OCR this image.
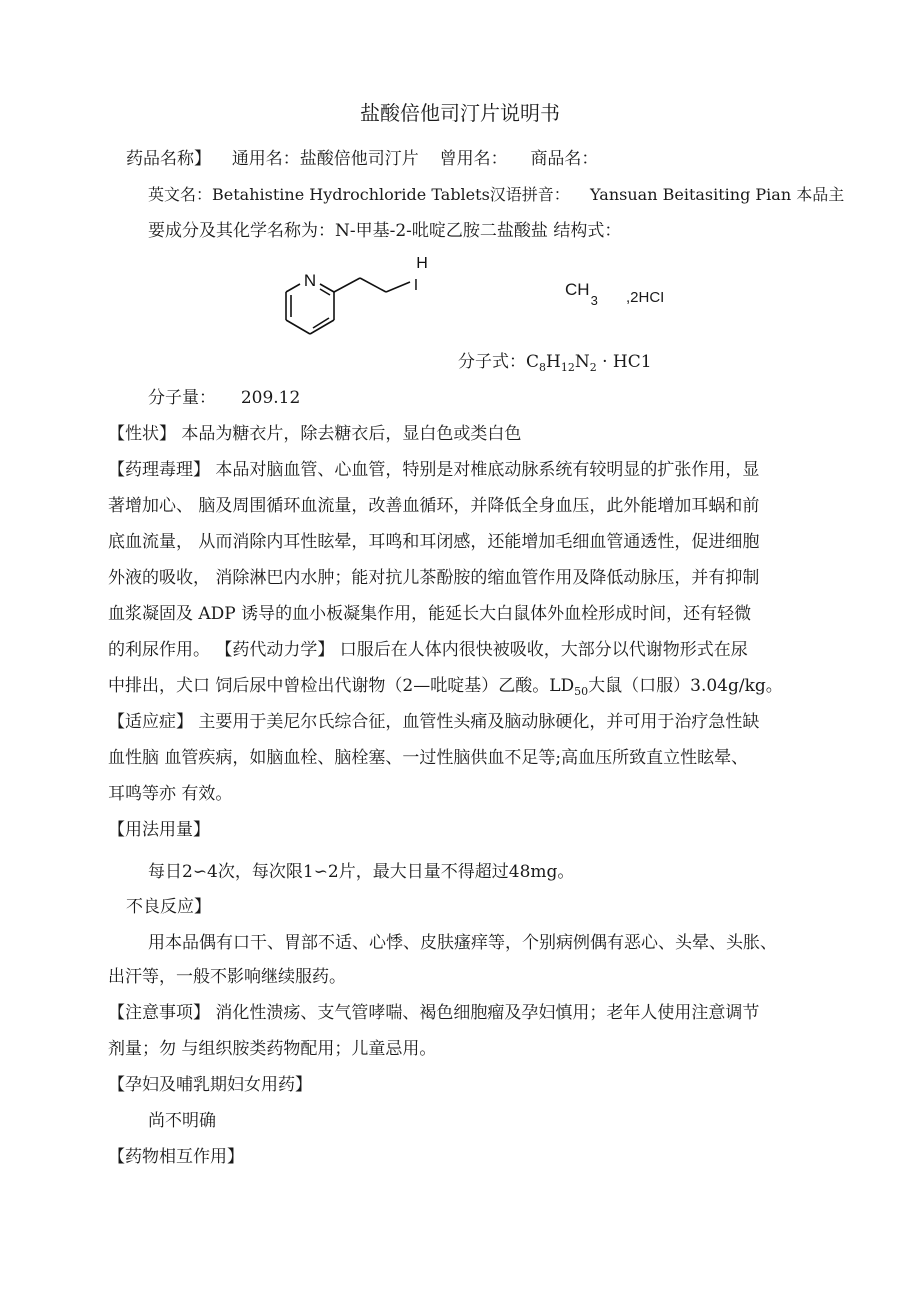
盐酸倍他司汀片说明书
药品名称】 通用名：盐酸倍他司汀片 曾用名： 商品名：
英文名：Betahistine Hydrochloride Tablets汉语拼音： Yansuan Beitasiting Pian 本品主
要成分及其化学名称为：N-甲基-2-吡啶乙胺二盐酸盐 结构式：
N
H
I	$CH_3$ ,2HCI
分子式：$C_8H_{12}N_2 \cdot HC1$
分子量： 209.12
【性状】 本品为糖衣片，除去糖衣后，显白色或类白色
【药理毒理】 本品对脑血管、心血管，特别是对椎底动脉系统有较明显的扩张作用，显
著增加心、 脑及周围循环血流量，改善血循环，并降低全身血压，此外能增加耳蜗和前
底血流量， 从而消除内耳性眩晕，耳鸣和耳闭感，还能增加毛细血管通透性，促进细胞
外液的吸收， 消除淋巴内水肿；能对抗儿茶酚胺的缩血管作用及降低动脉压，并有抑制
血浆凝固及 ADP 诱导的血小板凝集作用，能延长大白鼠体外血栓形成时间，还有轻微
的利尿作用。 【药代动力学】 口服后在人体内很快被吸收，大部分以代谢物形式在尿
中排出，犬口 饲后尿中曾检出代谢物（2—吡啶基）乙酸。$LD_{50}$大鼠（口服）3.04g/kg。
【适应症】 主要用于美尼尔氏综合征，血管性头痛及脑动脉硬化，并可用于治疗急性缺
血性脑 血管疾病，如脑血栓、脑栓塞、一过性脑供血不足等;高血压所致直立性眩晕、
耳鸣等亦 有效。
【用法用量】
每日2∽4次，每次限1∽2片，最大日量不得超过48mg。
不良反应】
用本品偶有口干、胃部不适、心悸、皮肤瘙痒等，个别病例偶有恶心、头晕、头胀、
出汗等，一般不影响继续服药。
【注意事项】 消化性溃疡、支气管哮喘、褐色细胞瘤及孕妇慎用；老年人使用注意调节
剂量；勿 与组织胺类药物配用；儿童忌用。
【孕妇及哺乳期妇女用药】
尚不明确
【药物相互作用】
